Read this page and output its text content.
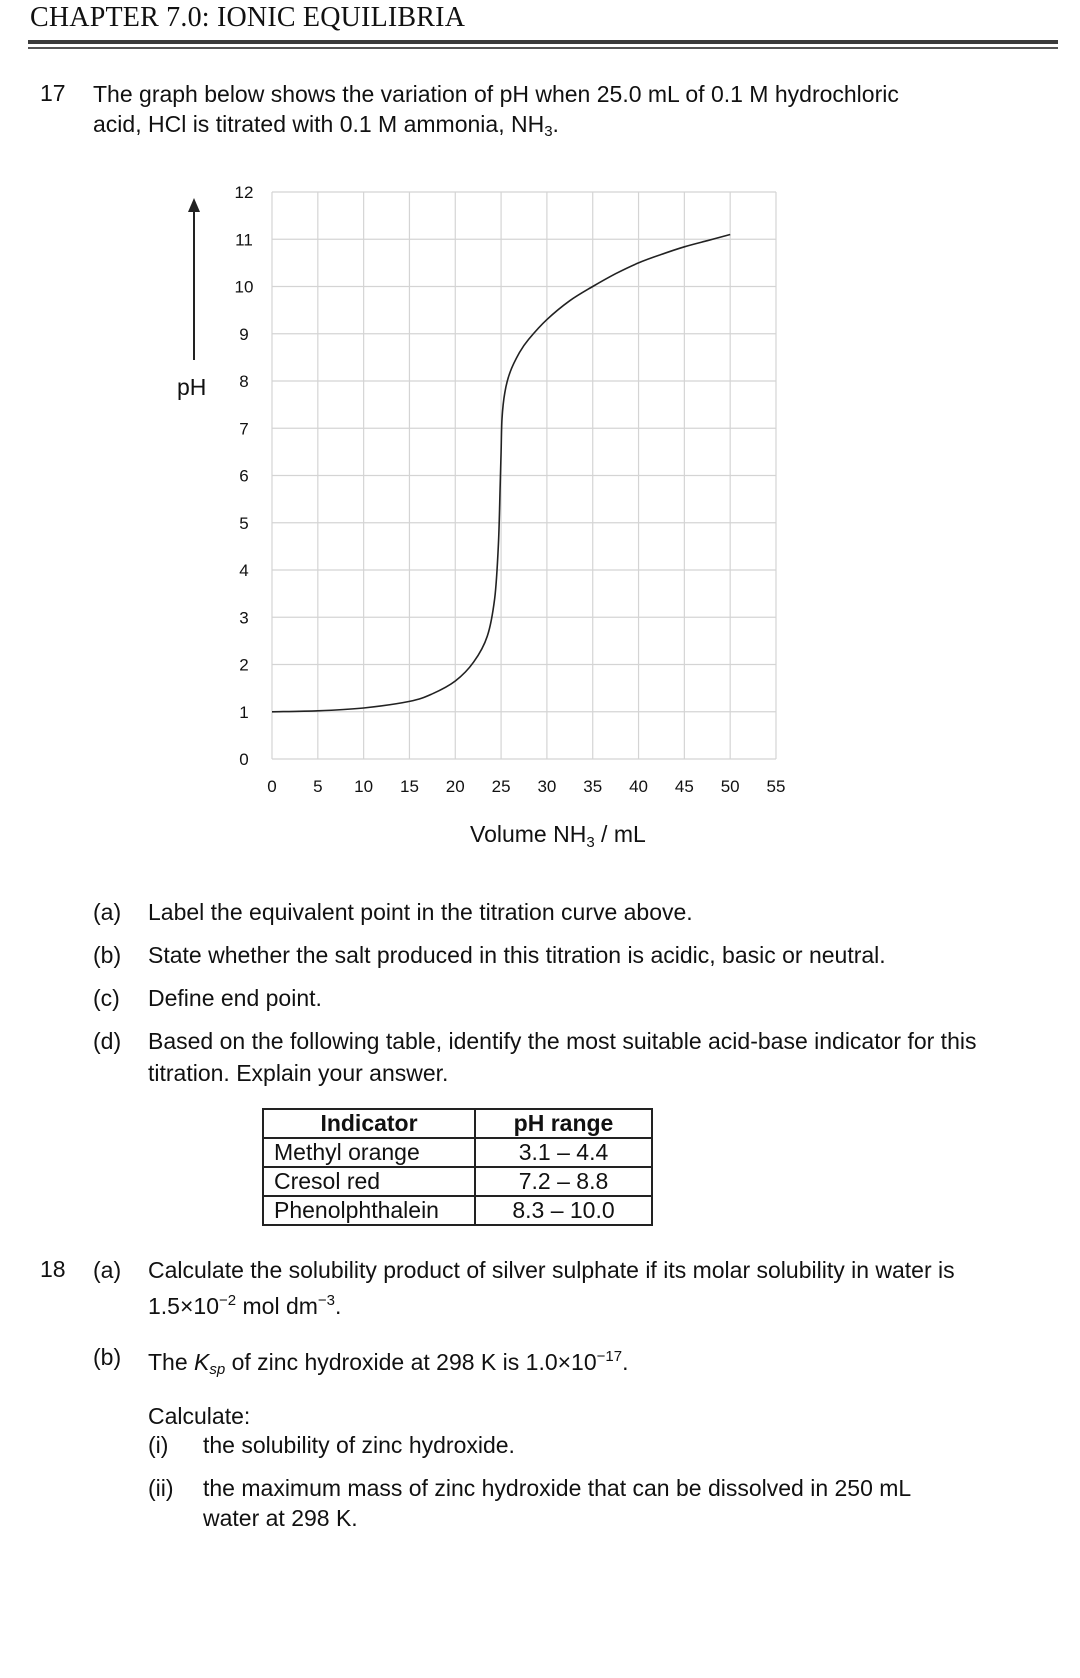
CHAPTER 7.0: IONIC EQUILIBRIA
17 The graph below shows the variation of pH when 25.0 mL of 0.1 M hydrochloric
acid, HCl is titrated with 0.1 M ammonia, $NH_3$.
0
1
2
3
4
5
6
7
8
9
10
11
12
0 5 10 15 20 25 30 35 40 45 50 55
pH
Volume $NH_3$ / mL
(a) Label the equivalent point in the titration curve above.
(b) State whether the salt produced in this titration is acidic, basic or neutral.
(c) Define end point.
(d) Based on the following table, identify the most suitable acid-base indicator for this
titration. Explain your answer.
Indicator	pH range
Methyl orange	3.1 – 4.4
Cresol red	7.2 – 8.8
Phenolphthalein	8.3 – 10.0
18 (a) Calculate the solubility product of silver sulphate if its molar solubility in water is
$1.5\times 10^{-2}$ mol $dm^{-3}$.
(b) The $K_{sp}$ of zinc hydroxide at 298 K is $1.0\times 10^{-17}$.
Calculate:
(i) the solubility of zinc hydroxide.
(ii) the maximum mass of zinc hydroxide that can be dissolved in 250 mL
water at 298 K.
